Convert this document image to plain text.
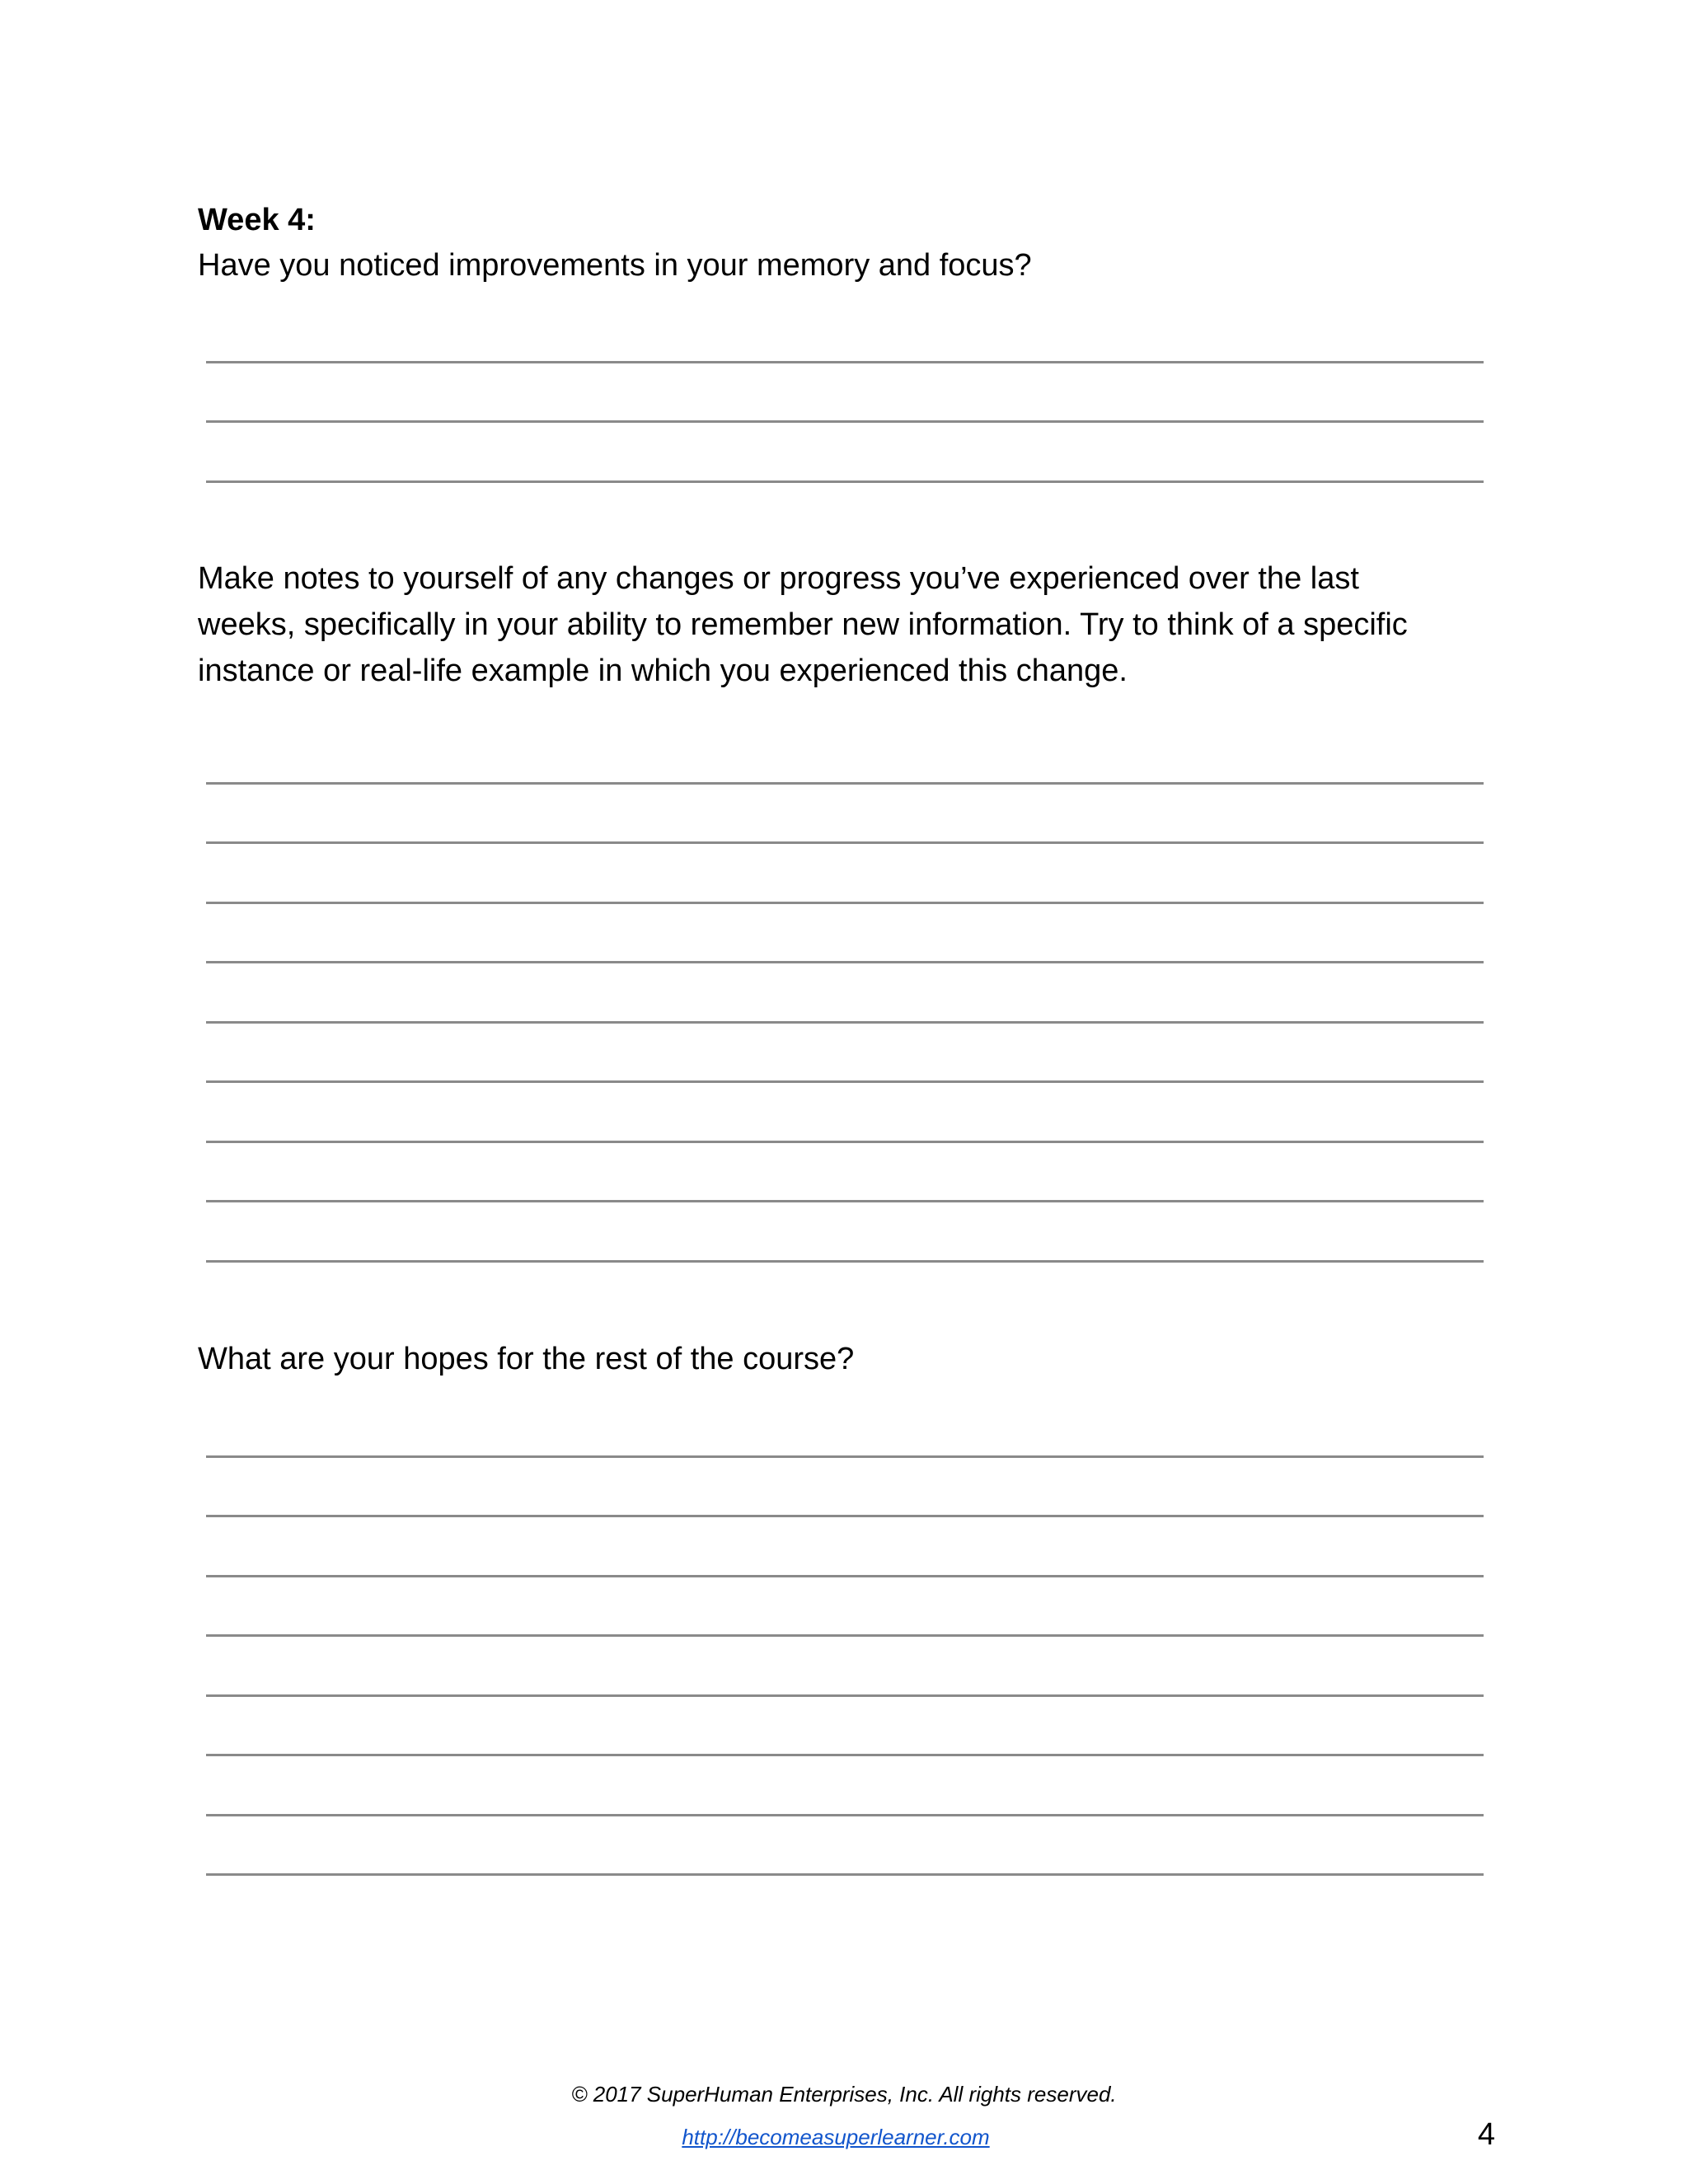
Week 4:
Have you noticed improvements in your memory and focus?
Make notes to yourself of any changes or progress you’ve experienced over the last
weeks, specifically in your ability to remember new information. Try to think of a specific
instance or real-life example in which you experienced this change.
What are your hopes for the rest of the course?
© 2017 SuperHuman Enterprises, Inc. All rights reserved.
http://becomeasuperlearner.com	4
